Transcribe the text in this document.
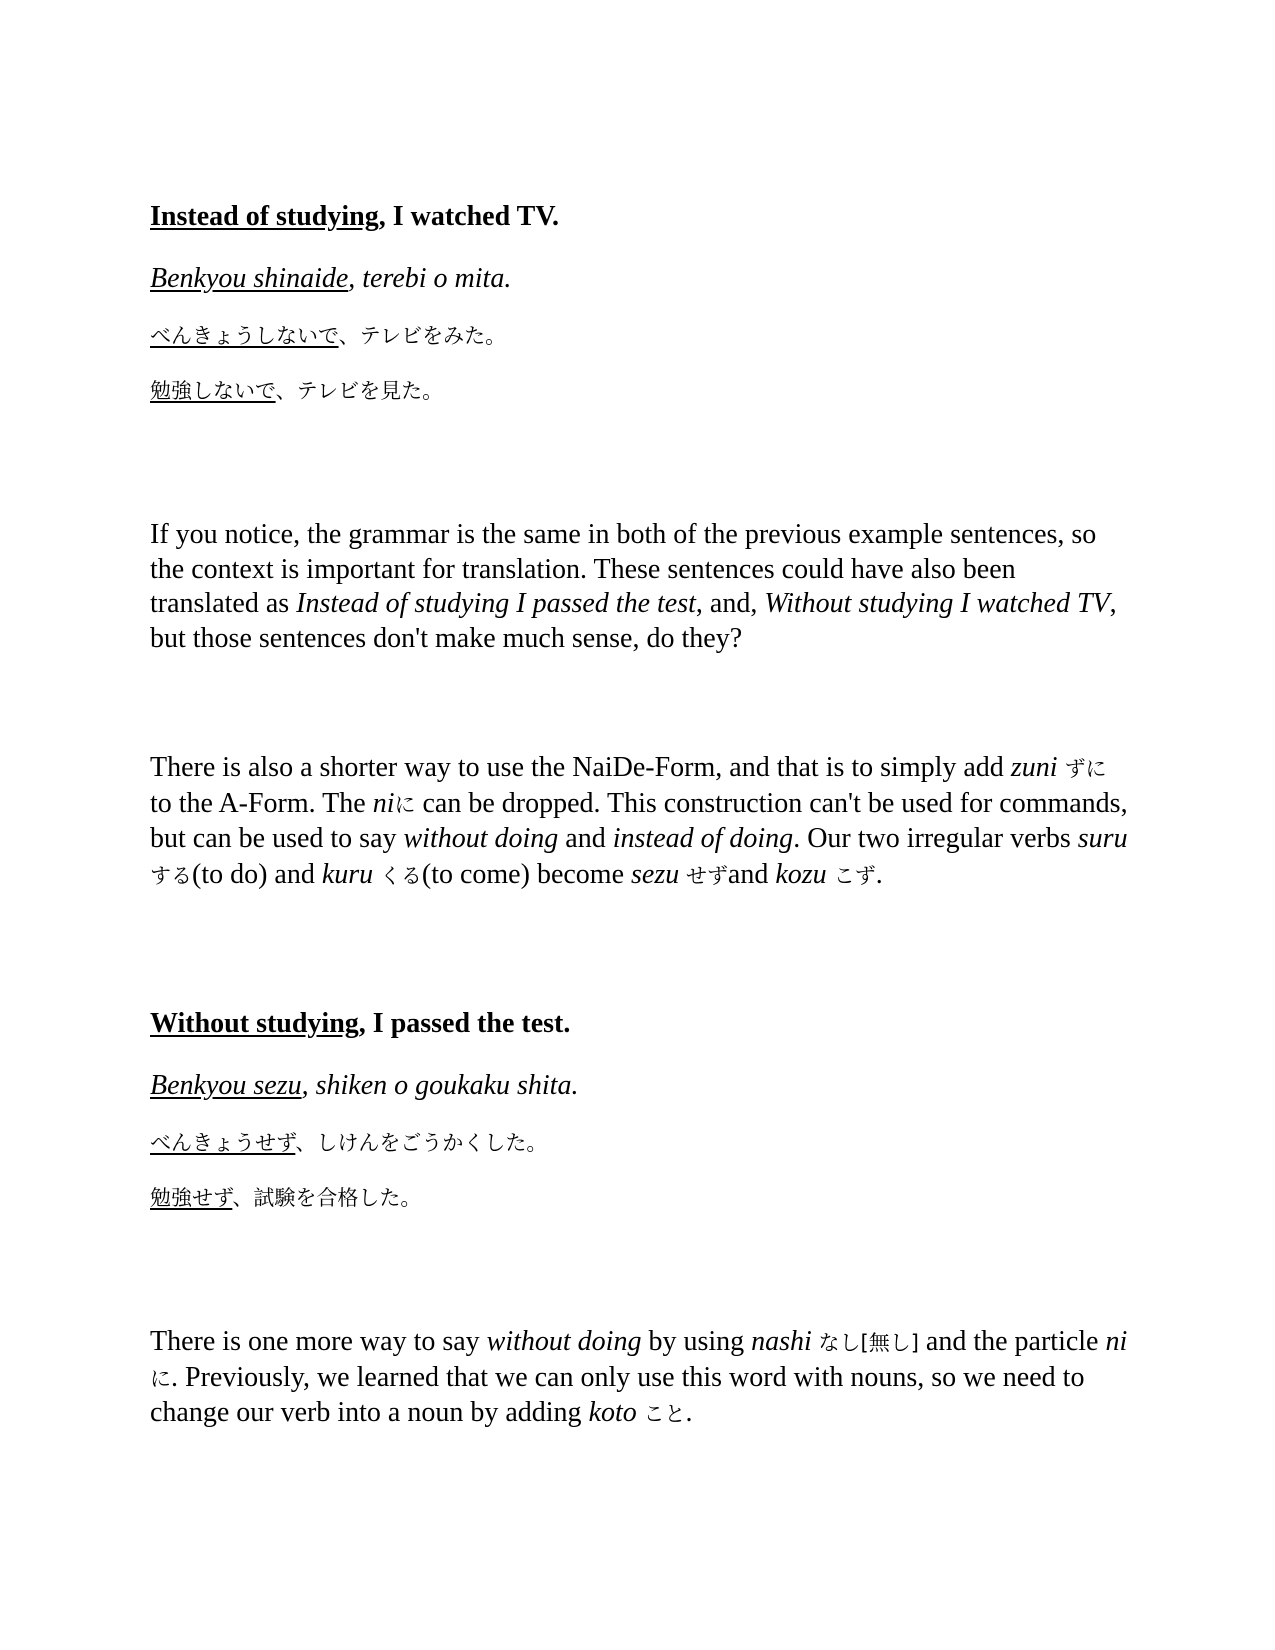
Instead of studying, I watched TV.
Benkyou shinaide, terebi o mita.
べんきょうしないで、テレビをみた。
勉強しないで、テレビを見た。
If you notice, the grammar is the same in both of the previous example sentences, so the context is important for translation. These sentences could have also been translated as Instead of studying I passed the test, and, Without studying I watched TV, but those sentences don't make much sense, do they?
There is also a shorter way to use the NaiDe-Form, and that is to simply add zuni ずに to the A-Form. The niに can be dropped. This construction can't be used for commands, but can be used to say without doing and instead of doing. Our two irregular verbs suru する(to do) and kuru くる(to come) become sezu せずand kozu こず.
Without studying, I passed the test.
Benkyou sezu, shiken o goukaku shita.
べんきょうせず、しけんをごうかくした。
勉強せず、試験を合格した。
There is one more way to say without doing by using nashi なし[無し] and the particle niに. Previously, we learned that we can only use this word with nouns, so we need to change our verb into a noun by adding koto こと.
